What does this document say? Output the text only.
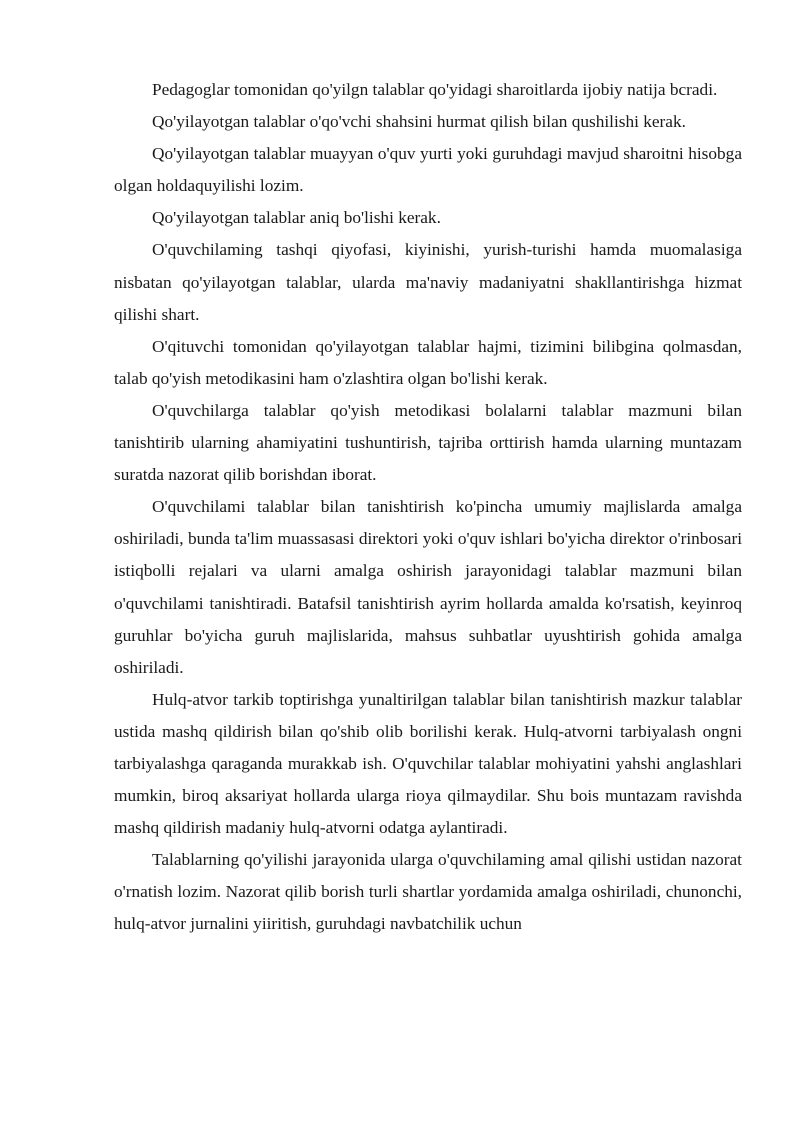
Pedagoglar tomonidan qo'yilgn talablar qo'yidagi sharoitlarda ijobiy natija bcradi.

Qo'yilayotgan talablar o'qo'vchi shahsini hurmat qilish bilan qushilishi kerak.

Qo'yilayotgan talablar muayyan o'quv yurti yoki guruhdagi mavjud sharoitni hisobga olgan holdaquyilishi lozim.

Qo'yilayotgan talablar aniq bo'lishi kerak.

O'quvchilaming tashqi qiyofasi, kiyinishi, yurish-turishi hamda muomalasiga nisbatan qo'yilayotgan talablar, ularda ma'naviy madaniyatni shakllantirishga hizmat qilishi shart.

O'qituvchi tomonidan qo'yilayotgan talablar hajmi, tizimini bilibgina qolmasdan, talab qo'yish metodikasini ham o'zlashtira olgan bo'lishi kerak.

O'quvchilarga talablar qo'yish metodikasi bolalarni talablar mazmuni bilan tanishtirib ularning ahamiyatini tushuntirish, tajriba orttirish hamda ularning muntazam suratda nazorat qilib borishdan iborat.

O'quvchilami talablar bilan tanishtirish ko'pincha umumiy majlislarda amalga oshiriladi, bunda ta'lim muassasasi direktori yoki o'quv ishlari bo'yicha direktor o'rinbosari istiqbolli rejalari va ularni amalga oshirish jarayonidagi talablar mazmuni bilan o'quvchilami tanishtiradi. Batafsil tanishtirish ayrim hollarda amalda ko'rsatish, keyinroq guruhlar bo'yicha guruh majlislarida, mahsus suhbatlar uyushtirish gohida amalga oshiriladi.

Hulq-atvor tarkib toptirishga yunaltirilgan talablar bilan tanishtirish mazkur talablar ustida mashq qildirish bilan qo'shib olib borilishi kerak. Hulq-atvorni tarbiyalash ongni tarbiyalashga qaraganda murakkab ish. O'quvchilar talablar mohiyatini yahshi anglashlari mumkin, biroq aksariyat hollarda ularga rioya qilmaydilar. Shu bois muntazam ravishda mashq qildirish madaniy hulq-atvorni odatga aylantiradi.

Talablarning qo'yilishi jarayonida ularga o'quvchilaming amal qilishi ustidan nazorat o'rnatish lozim. Nazorat qilib borish turli shartlar yordamida amalga oshiriladi, chunonchi, hulq-atvor jurnalini yiiritish, guruhdagi navbatchilik uchun
